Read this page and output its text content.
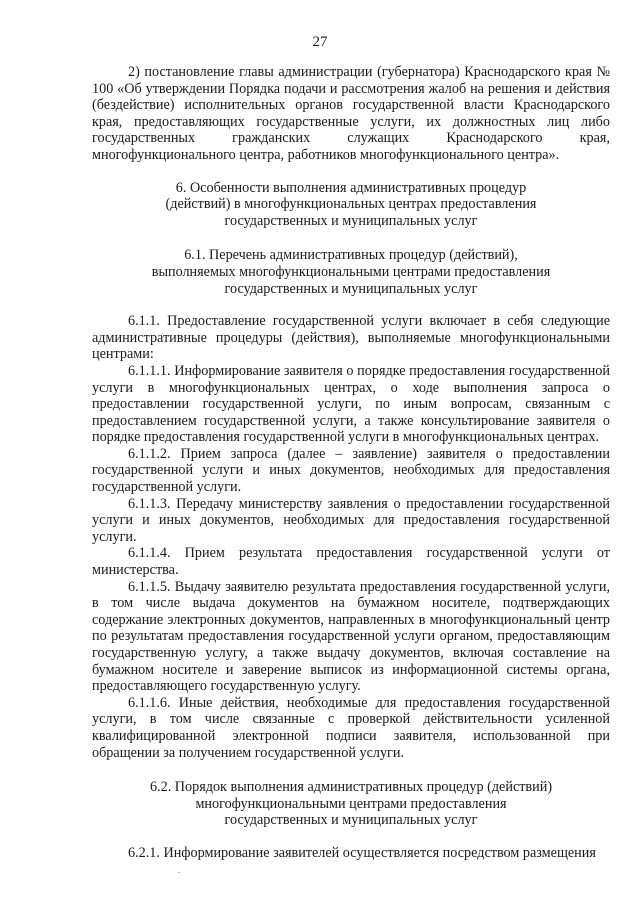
27

2) постановление главы администрации (губернатора) Краснодарского края № 100 «Об утверждении Порядка подачи и рассмотрения жалоб на решения и действия (бездействие) исполнительных органов государственной власти Краснодарского края, предоставляющих государственные услуги, их должностных лиц либо государственных гражданских служащих Краснодарского края, многофункционального центра, работников многофункционального центра».

6. Особенности выполнения административных процедур
(действий) в многофункциональных центрах предоставления
государственных и муниципальных услуг
6.1. Перечень административных процедур (действий),
выполняемых многофункциональными центрами предоставления
государственных и муниципальных услуг

6.1.1. Предоставление государственной услуги включает в себя следующие административные процедуры (действия), выполняемые многофункциональными центрами:

6.1.1.1. Информирование заявителя о порядке предоставления государственной услуги в многофункциональных центрах, о ходе выполнения запроса о предоставлении государственной услуги, по иным вопросам, связанным с предоставлением государственной услуги, а также консультирование заявителя о порядке предоставления государственной услуги в многофункциональных центрах.

6.1.1.2. Прием запроса (далее – заявление) заявителя о предоставлении государственной услуги и иных документов, необходимых для предоставления государственной услуги.

6.1.1.3. Передачу министерству заявления о предоставлении государственной услуги и иных документов, необходимых для предоставления государственной услуги.

6.1.1.4. Прием результата предоставления государственной услуги от министерства.

6.1.1.5. Выдачу заявителю результата предоставления государственной услуги, в том числе выдача документов на бумажном носителе, подтверждающих содержание электронных документов, направленных в многофункциональный центр по результатам предоставления государственной услуги органом, предоставляющим государственную услугу, а также выдачу документов, включая составление на бумажном носителе и заверение выписок из информационной системы органа, предоставляющего государственную услугу.

6.1.1.6. Иные действия, необходимые для предоставления государственной услуги, в том числе связанные с проверкой действительности усиленной квалифицированной электронной подписи заявителя, использованной при обращении за получением государственной услуги.

6.2. Порядок выполнения административных процедур (действий)
многофункциональными центрами предоставления
государственных и муниципальных услуг

6.2.1. Информирование заявителей осуществляется посредством размещения
